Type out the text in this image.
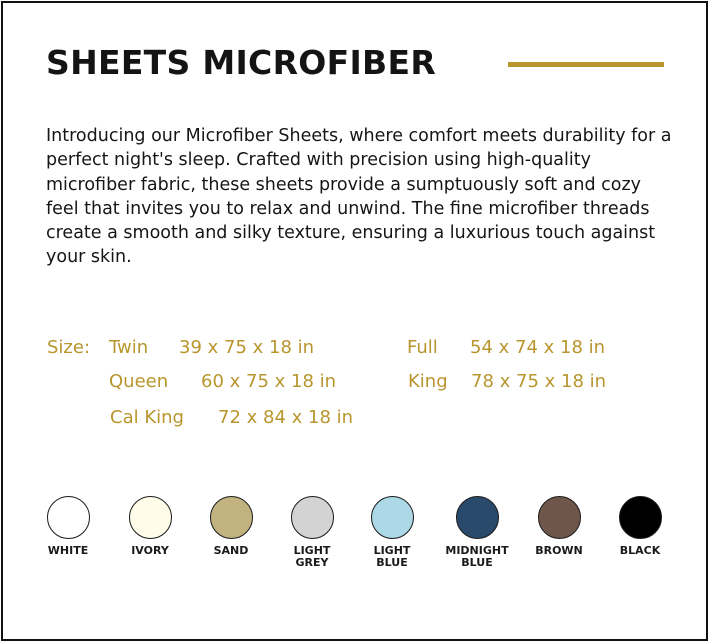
SHEETS MICROFIBER

Introducing our Microfiber Sheets, where comfort meets durability for a perfect night's sleep. Crafted with precision using high-quality microfiber fabric, these sheets provide a sumptuously soft and cozy feel that invites you to relax and unwind. The fine microfiber threads create a smooth and silky texture, ensuring a luxurious touch against your skin.

Size: Twin 39 x 75 x 18 in	Full 54 x 74 x 18 in
Queen 60 x 75 x 18 in	King 78 x 75 x 18 in
Cal King 72 x 84 x 18 in
WHITE	IVORY	SAND	LIGHT
GREY
LIGHT
BLUE
MIDNIGHT
BLUE
BROWN	BLACK
